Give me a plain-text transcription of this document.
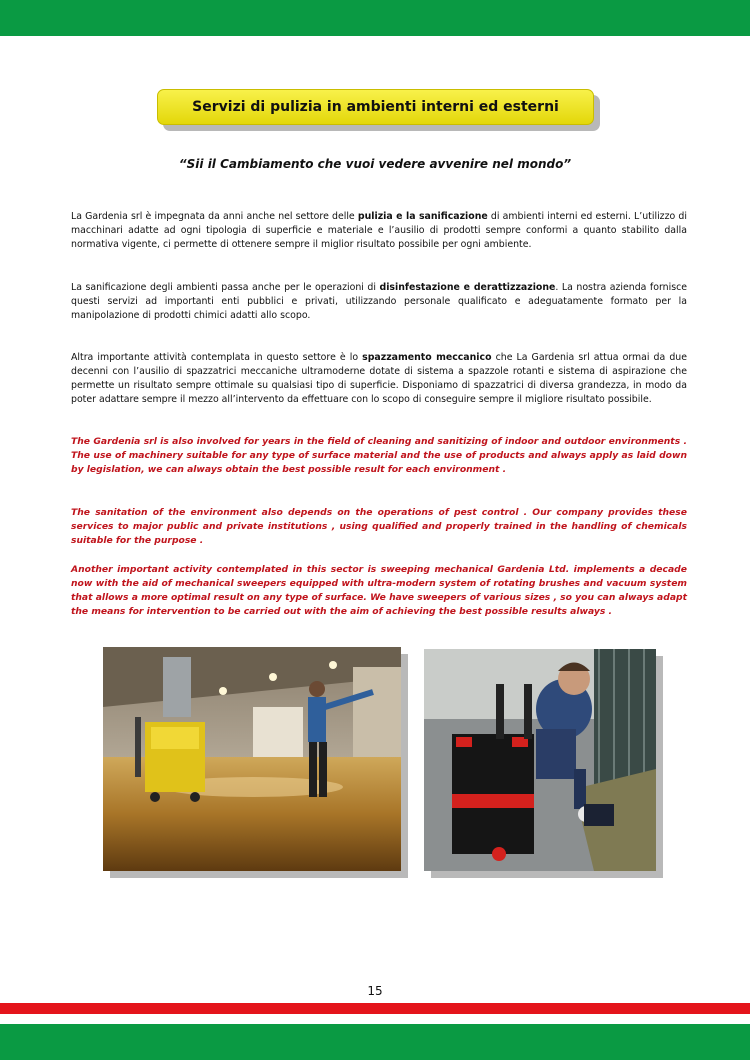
Servizi di pulizia in ambienti interni ed esterni
“Sii il Cambiamento che vuoi vedere avvenire nel mondo”

La Gardenia srl è impegnata da anni anche nel settore delle pulizia e la sanificazione di ambienti interni ed esterni. L’utilizzo di macchinari adatte ad ogni tipologia di superficie e materiale e l’ausilio di prodotti sempre conformi a quanto stabilito dalla normativa vigente, ci permette di ottenere sempre il miglior risultato possibile per ogni ambiente.

La sanificazione degli ambienti passa anche per le operazioni di disinfestazione e derattizzazione. La nostra azienda fornisce questi servizi ad importanti enti pubblici e privati, utilizzando personale qualificato e adeguatamente formato per la manipolazione di prodotti chimici adatti allo scopo.

Altra importante attività contemplata in questo settore è lo spazzamento meccanico che La Gardenia srl attua ormai da due decenni con l’ausilio di spazzatrici meccaniche ultramoderne dotate di sistema a spazzole rotanti e sistema di aspirazione che permette un risultato sempre ottimale su qualsiasi tipo di superficie. Disponiamo di spazzatrici di diversa grandezza, in modo da poter adattare sempre il mezzo all’intervento da effettuare con lo scopo di conseguire sempre il migliore risultato possibile.

The Gardenia srl is also involved for years in the field of cleaning and sanitizing of indoor and outdoor environments . The use of machinery suitable for any type of surface material and the use of products and always apply as laid down by legislation, we can always obtain the best possible result for each environment .

The sanitation of the environment also depends on the operations of pest control . Our company provides these services to major public and private institutions , using qualified and properly trained in the handling of chemicals suitable for the purpose .

Another important activity contemplated in this sector is sweeping mechanical Gardenia Ltd. implements a decade now with the aid of mechanical sweepers equipped with ultra-modern system of rotating brushes and vacuum system that allows a more optimal result on any type of surface. We have sweepers of various sizes , so you can always adapt the means for intervention to be carried out with the aim of achieving the best possible results always .

15
